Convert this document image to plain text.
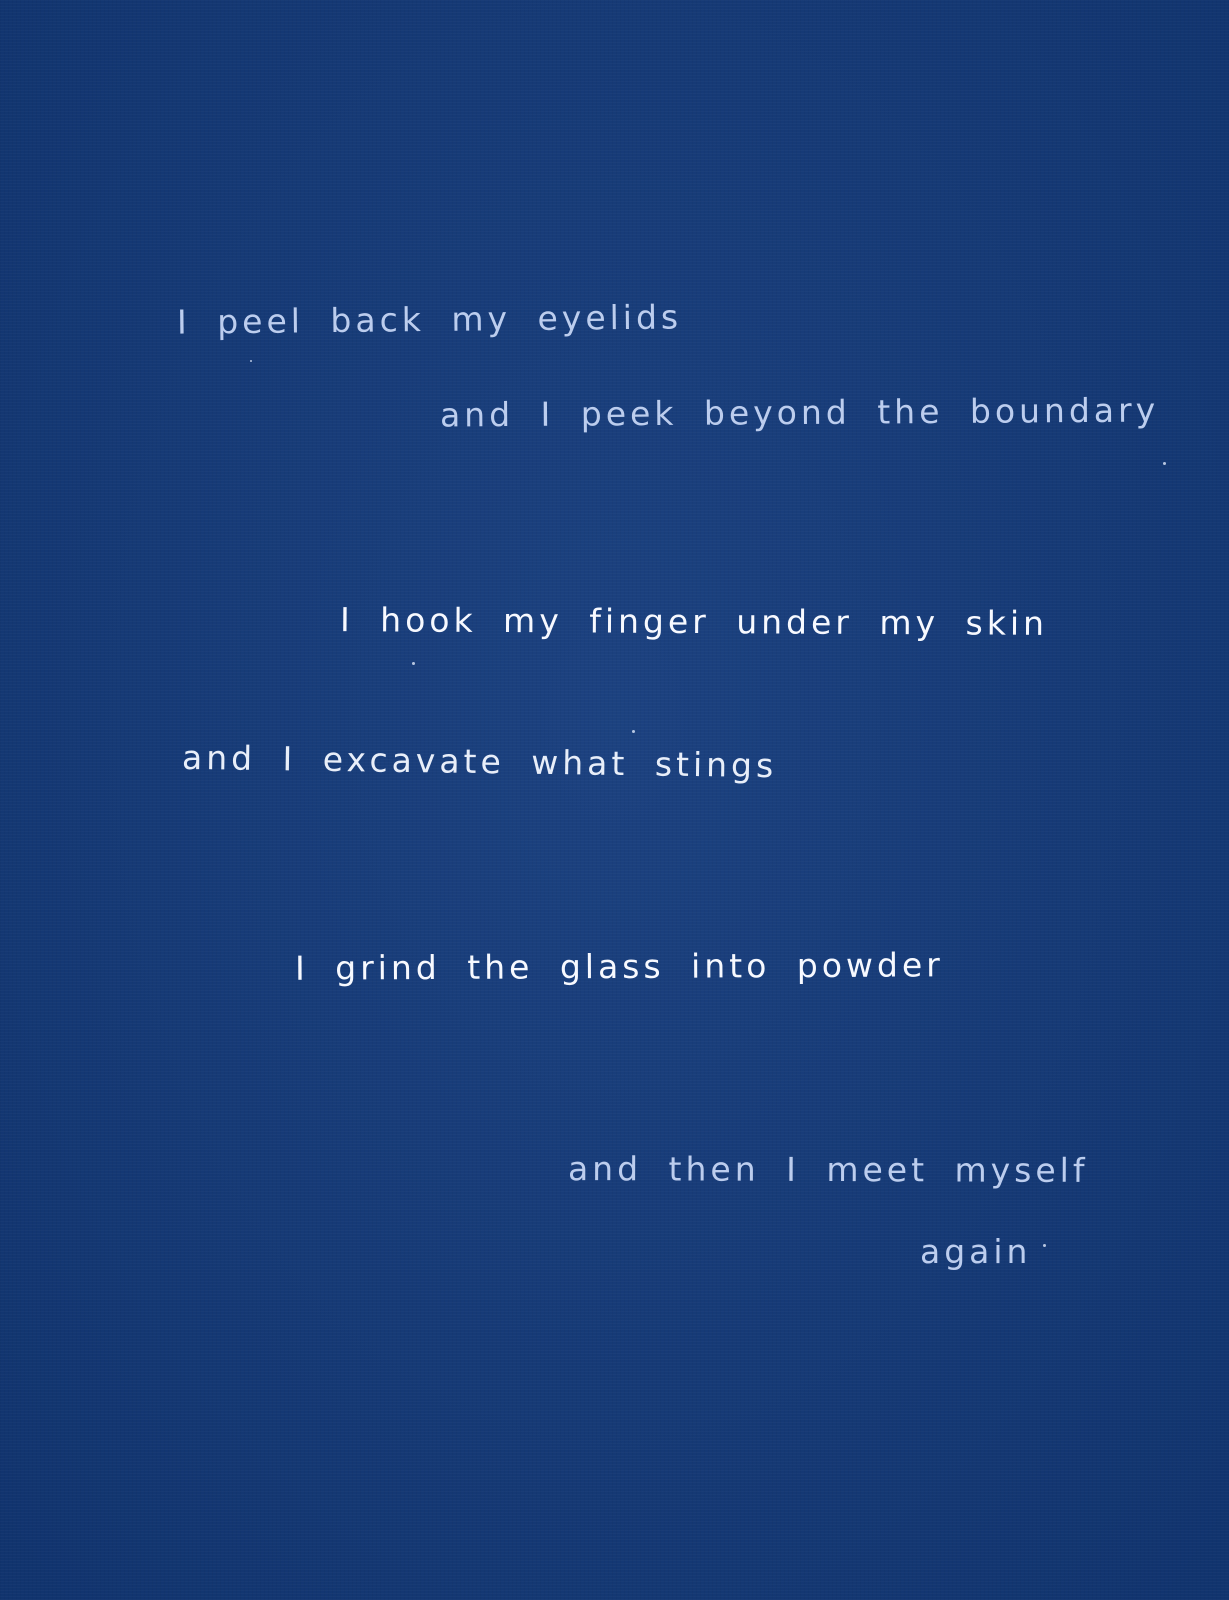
I peel back my eyelids

and I peek beyond the boundary

I hook my finger under my skin

and I excavate what stings

I grind the glass into powder

and then I meet myself

again
